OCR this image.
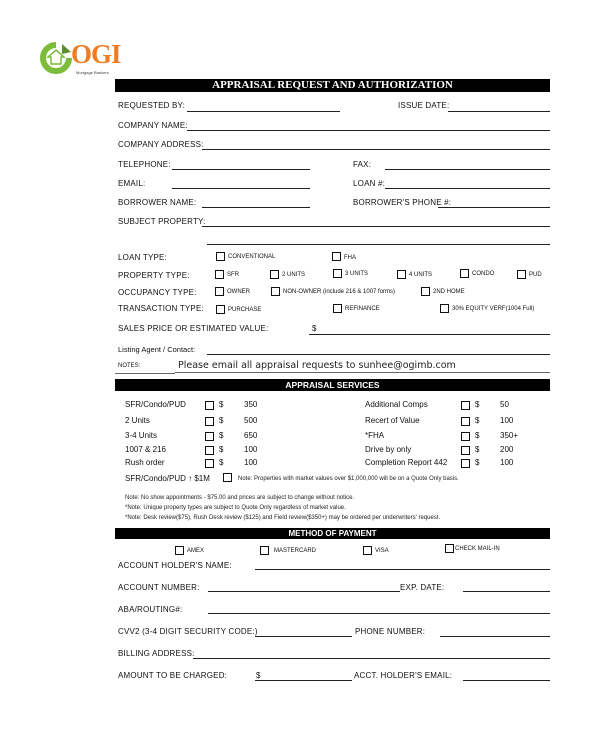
OGI
Mortgage Bankers
APPRAISAL REQUEST AND AUTHORIZATION
REQUESTED BY:	ISSUE DATE:
COMPANY NAME:
COMPANY ADDRESS:
TELEPHONE:	FAX:
EMAIL:	LOAN #:
BORROWER NAME:	BORROWER'S PHONE #:
SUBJECT PROPERTY:
LOAN TYPE:	CONVENTIONAL	FHA
PROPERTY TYPE:	SFR	2 UNITS	3 UNITS	4 UNITS	CONDO	PUD
OCCUPANCY TYPE:	OWNER	NON-OWNER (include 216 & 1007 forms)	2ND HOME
TRANSACTION TYPE:	PURCHASE	REFINANCE	30% EQUITY VERF(1004 Full)
SALES PRICE OR ESTIMATED VALUE:	$
Listing Agent / Contact:
NOTES:	Please email all appraisal requests to sunhee@ogimb.com
APPRAISAL SERVICES
SFR/Condo/PUD	$	350
2 Units	$	500
3-4 Units	$	650
1007 & 216	$	100
Rush order	$	100
Additional Comps	$	50
Recert of Value	$	100
*FHA	$	350+
Drive by only	$	200
Completion Report 442	$	100
SFR/Condo/PUD ↑ $1M	Note: Properties with market values over $1,000,000 will be on a Quote Only basis.
Note: No show appointments - $75.00 and prices are subject to change without notice.
*Note: Unique property types are subject to Quote Only regardless of market value.
*Note: Desk review($75), Rush Desk review ($125) and Field review($350+) may be ordered per underwriters' request.
METHOD OF PAYMENT
AMEX	MASTERCARD	VISA	CHECK MAIL-IN
ACCOUNT HOLDER'S NAME:
ACCOUNT NUMBER:	EXP. DATE:
ABA/ROUTING#:
CVV2 (3-4 DIGIT SECURITY CODE:)	PHONE NUMBER:
BILLING ADDRESS:
AMOUNT TO BE CHARGED:	$	ACCT. HOLDER'S EMAIL:
